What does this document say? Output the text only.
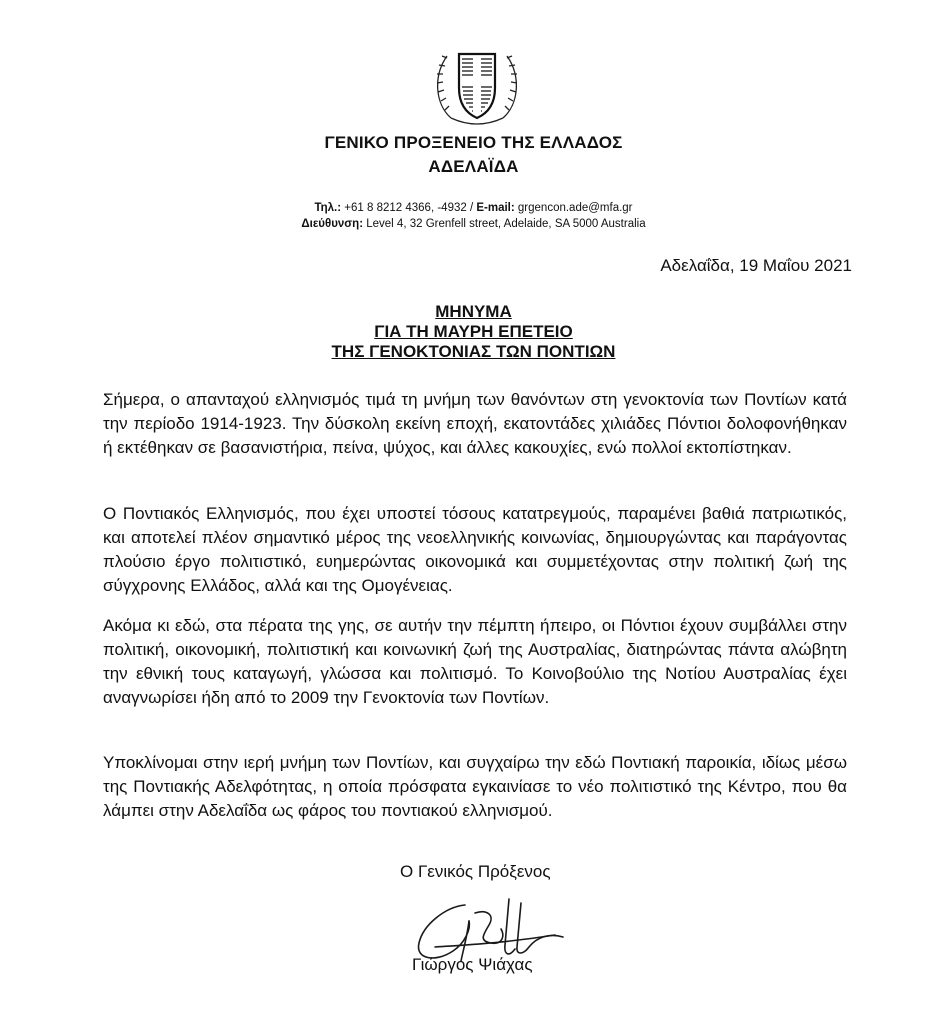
ΓΕΝΙΚΟ ΠΡΟΞΕΝΕΙΟ ΤΗΣ ΕΛΛΑΔΟΣ
ΑΔΕΛΑΪΔΑ
Τηλ.: +61 8 8212 4366, -4932 / E-mail: grgencon.ade@mfa.gr
Διεύθυνση: Level 4, 32 Grenfell street, Adelaide, SA 5000 Australia
Αδελαΐδα, 19 Μαΐου 2021
ΜΗΝΥΜΑ
ΓΙΑ ΤΗ ΜΑΥΡΗ ΕΠΕΤΕΙΟ
ΤΗΣ ΓΕΝΟΚΤΟΝΙΑΣ ΤΩΝ ΠΟΝΤΙΩΝ

Σήμερα, ο απανταχού ελληνισμός τιμά τη μνήμη των θανόντων στη γενοκτονία των Ποντίων κατά την περίοδο 1914-1923. Την δύσκολη εκείνη εποχή, εκατοντάδες χιλιάδες Πόντιοι δολοφονήθηκαν ή εκτέθηκαν σε βασανιστήρια, πείνα, ψύχος, και άλλες κακουχίες, ενώ πολλοί εκτοπίστηκαν.

Ο Ποντιακός Ελληνισμός, που έχει υποστεί τόσους κατατρεγμούς, παραμένει βαθιά πατριωτικός, και αποτελεί πλέον σημαντικό μέρος της νεοελληνικής κοινωνίας, δημιουργώντας και παράγοντας πλούσιο έργο πολιτιστικό, ευημερώντας οικονομικά και συμμετέχοντας στην πολιτική ζωή της σύγχρονης Ελλάδος, αλλά και της Ομογένειας.

Ακόμα κι εδώ, στα πέρατα της γης, σε αυτήν την πέμπτη ήπειρο, οι Πόντιοι έχουν συμβάλλει στην πολιτική, οικονομική, πολιτιστική και κοινωνική ζωή της Αυστραλίας, διατηρώντας πάντα αλώβητη την εθνική τους καταγωγή, γλώσσα και πολιτισμό. Το Κοινοβούλιο της Νοτίου Αυστραλίας έχει αναγνωρίσει ήδη από το 2009 την Γενοκτονία των Ποντίων.

Υποκλίνομαι στην ιερή μνήμη των Ποντίων, και συγχαίρω την εδώ Ποντιακή παροικία, ιδίως μέσω της Ποντιακής Αδελφότητας, η οποία πρόσφατα εγκαινίασε το νέο πολιτιστικό της Κέντρο, που θα λάμπει στην Αδελαΐδα ως φάρος του ποντιακού ελληνισμού.

Ο Γενικός Πρόξενος
Γιώργος Ψιάχας
